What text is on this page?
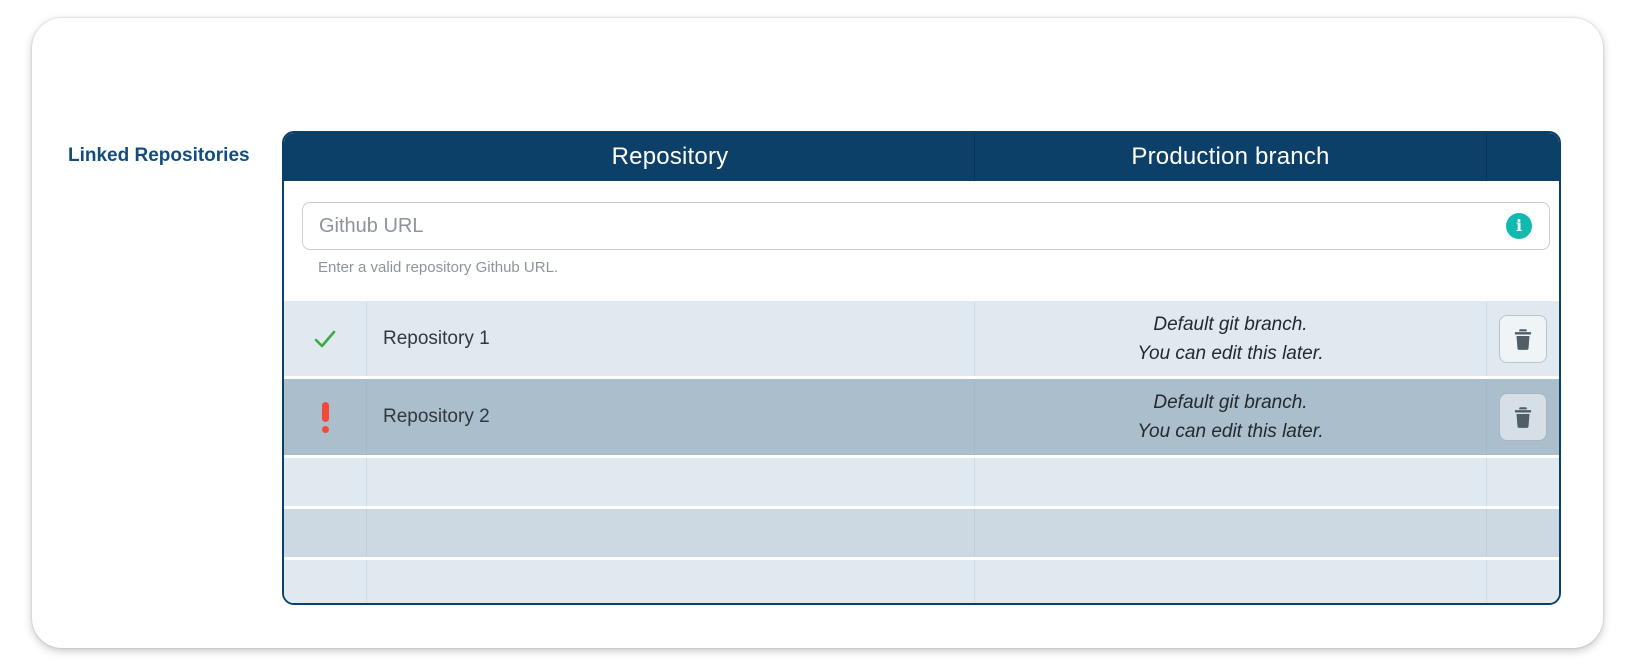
Linked Repositories	Repository	Production branch
Github URL
i
Enter a valid repository Github URL.
Repository 1
Default git branch.
You can edit this later.
Repository 2
Default git branch.
You can edit this later.
